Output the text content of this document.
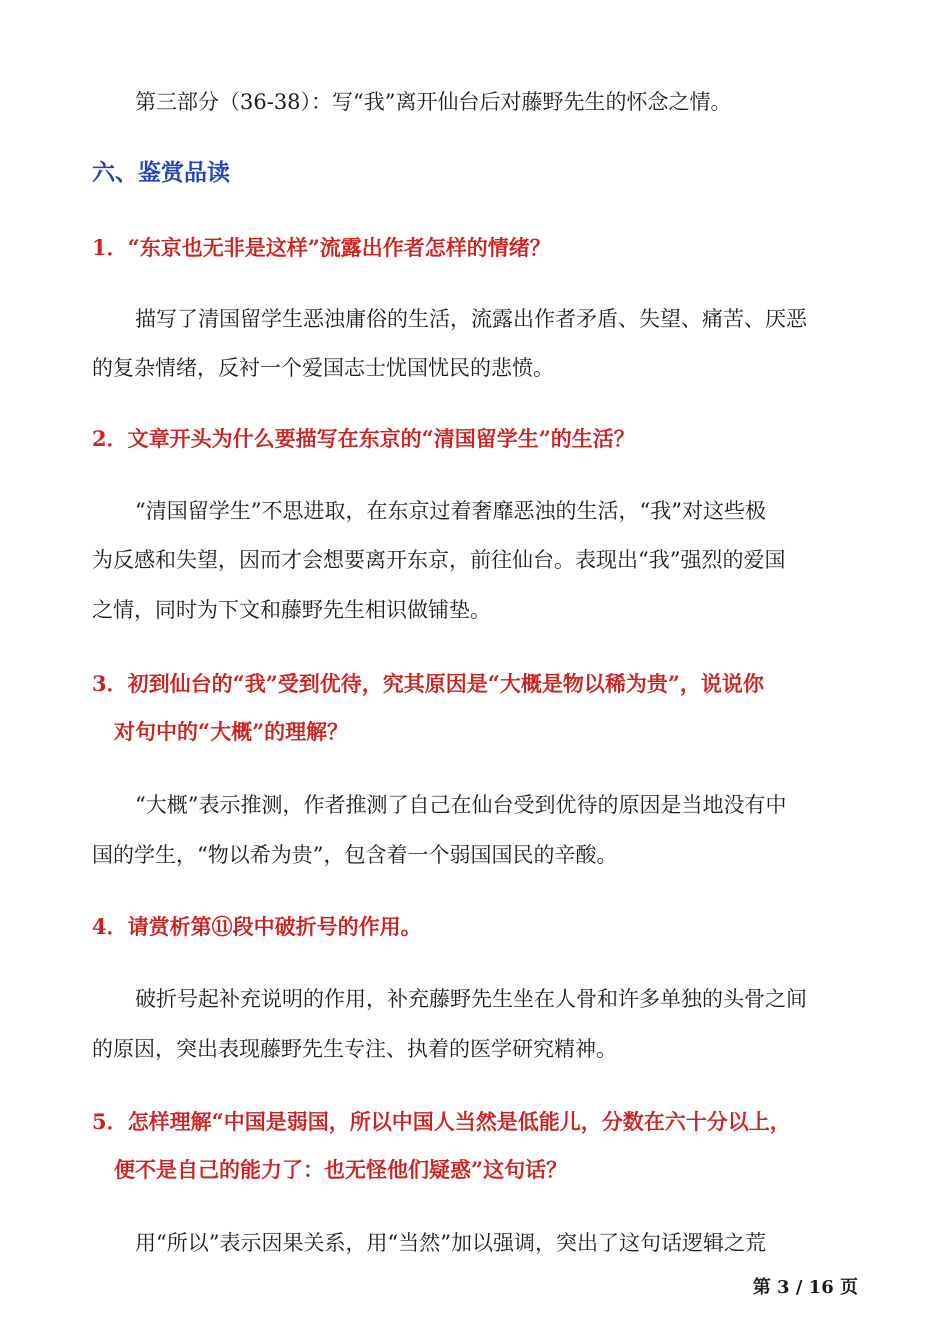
第三部分（36-38）：写“我”离开仙台后对藤野先生的怀念之情。
六、鉴赏品读
1．“东京也无非是这样”流露出作者怎样的情绪？
描写了清国留学生恶浊庸俗的生活，流露出作者矛盾、失望、痛苦、厌恶
的复杂情绪，反衬一个爱国志士忧国忧民的悲愤。
2．文章开头为什么要描写在东京的“清国留学生”的生活？
“清国留学生”不思进取，在东京过着奢靡恶浊的生活，“我”对这些极
为反感和失望，因而才会想要离开东京，前往仙台。表现出“我”强烈的爱国
之情，同时为下文和藤野先生相识做铺垫。
3．初到仙台的“我”受到优待，究其原因是“大概是物以稀为贵”，说说你
对句中的“大概”的理解？
“大概”表示推测，作者推测了自己在仙台受到优待的原因是当地没有中
国的学生，“物以希为贵”，包含着一个弱国国民的辛酸。
4．请赏析第⑪段中破折号的作用。
破折号起补充说明的作用，补充藤野先生坐在人骨和许多单独的头骨之间
的原因，突出表现藤野先生专注、执着的医学研究精神。
5．怎样理解“中国是弱国，所以中国人当然是低能儿，分数在六十分以上，
便不是自己的能力了：也无怪他们疑惑”这句话？
用“所以”表示因果关系，用“当然”加以强调，突出了这句话逻辑之荒
第 3 / 16 页
